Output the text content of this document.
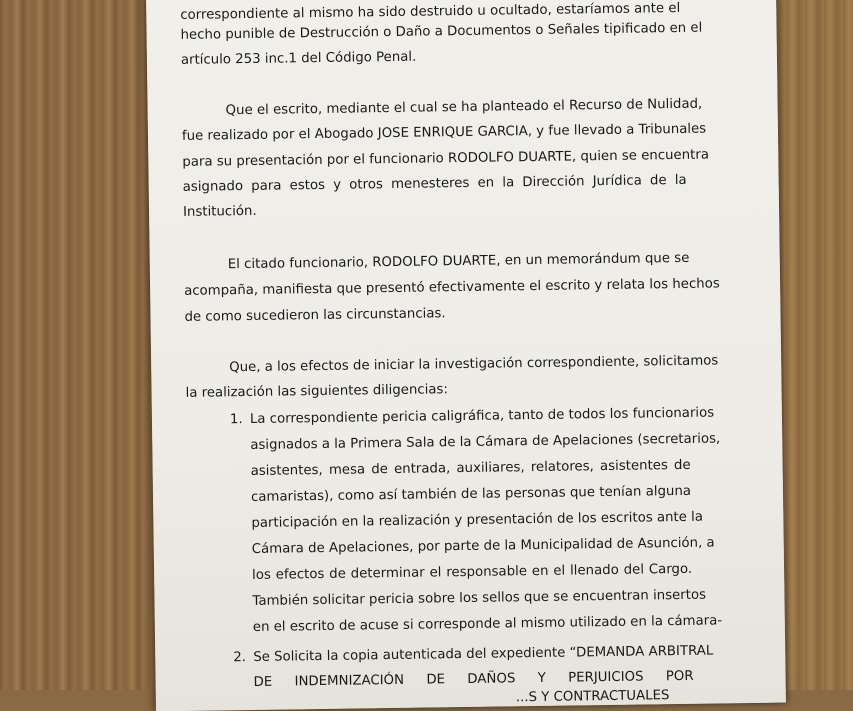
correspondiente al mismo ha sido destruido u ocultado, estaríamos ante el
hecho punible de Destrucción o Daño a Documentos o Señales tipificado en el
artículo 253 inc.1 del Código Penal.
Que el escrito, mediante el cual se ha planteado el Recurso de Nulidad,
fue realizado por el Abogado JOSE ENRIQUE GARCIA, y fue llevado a Tribunales
para su presentación por el funcionario RODOLFO DUARTE, quien se encuentra
asignado para estos y otros menesteres en la Dirección Jurídica de la
Institución.
El citado funcionario, RODOLFO DUARTE, en un memorándum que se
acompaña, manifiesta que presentó efectivamente el escrito y relata los hechos
de como sucedieron las circunstancias.
Que, a los efectos de iniciar la investigación correspondiente, solicitamos
la realización las siguientes diligencias:
1. La correspondiente pericia caligráfica, tanto de todos los funcionarios
asignados a la Primera Sala de la Cámara de Apelaciones (secretarios,
asistentes, mesa de entrada, auxiliares, relatores, asistentes de
camaristas), como así también de las personas que tenían alguna
participación en la realización y presentación de los escritos ante la
Cámara de Apelaciones, por parte de la Municipalidad de Asunción, a
los efectos de determinar el responsable en el llenado del Cargo.
También solicitar pericia sobre los sellos que se encuentran insertos
en el escrito de acuse si corresponde al mismo utilizado en la cámara-
2. Se Solicita la copia autenticada del expediente “DEMANDA ARBITRAL
DE INDEMNIZACIÓN DE DAÑOS Y PERJUICIOS POR
...S Y CONTRACTUALES
